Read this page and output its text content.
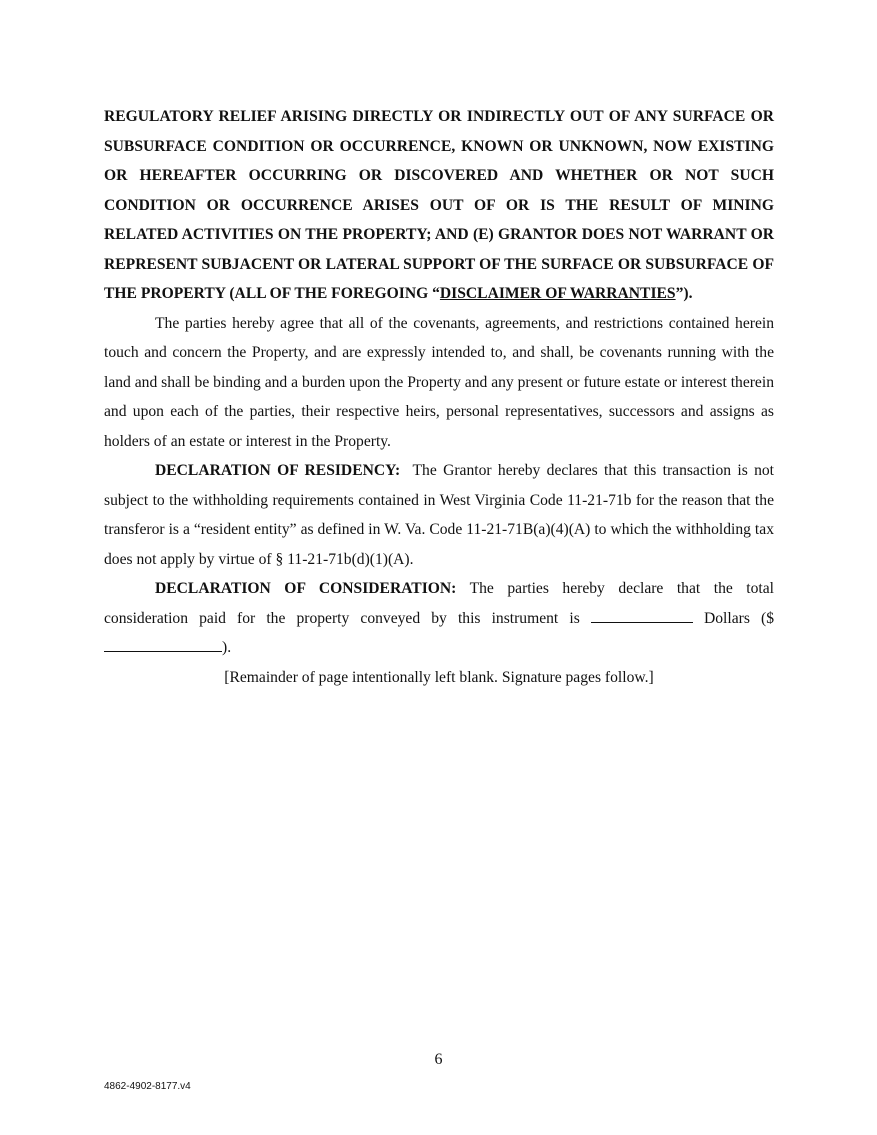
REGULATORY RELIEF ARISING DIRECTLY OR INDIRECTLY OUT OF ANY SURFACE OR SUBSURFACE CONDITION OR OCCURRENCE, KNOWN OR UNKNOWN, NOW EXISTING OR HEREAFTER OCCURRING OR DISCOVERED AND WHETHER OR NOT SUCH CONDITION OR OCCURRENCE ARISES OUT OF OR IS THE RESULT OF MINING RELATED ACTIVITIES ON THE PROPERTY; AND (E) GRANTOR DOES NOT WARRANT OR REPRESENT SUBJACENT OR LATERAL SUPPORT OF THE SURFACE OR SUBSURFACE OF THE PROPERTY (ALL OF THE FOREGOING “DISCLAIMER OF WARRANTIES”).

The parties hereby agree that all of the covenants, agreements, and restrictions contained herein touch and concern the Property, and are expressly intended to, and shall, be covenants running with the land and shall be binding and a burden upon the Property and any present or future estate or interest therein and upon each of the parties, their respective heirs, personal representatives, successors and assigns as holders of an estate or interest in the Property.

DECLARATION OF RESIDENCY: The Grantor hereby declares that this transaction is not subject to the withholding requirements contained in West Virginia Code 11-21-71b for the reason that the transferor is a “resident entity” as defined in W. Va. Code 11-21-71B(a)(4)(A) to which the withholding tax does not apply by virtue of § 11-21-71b(d)(1)(A).

DECLARATION OF CONSIDERATION: The parties hereby declare that the total consideration paid for the property conveyed by this instrument is	Dollars ($).

[Remainder of page intentionally left blank. Signature pages follow.]

6
4862-4902-8177.v4
